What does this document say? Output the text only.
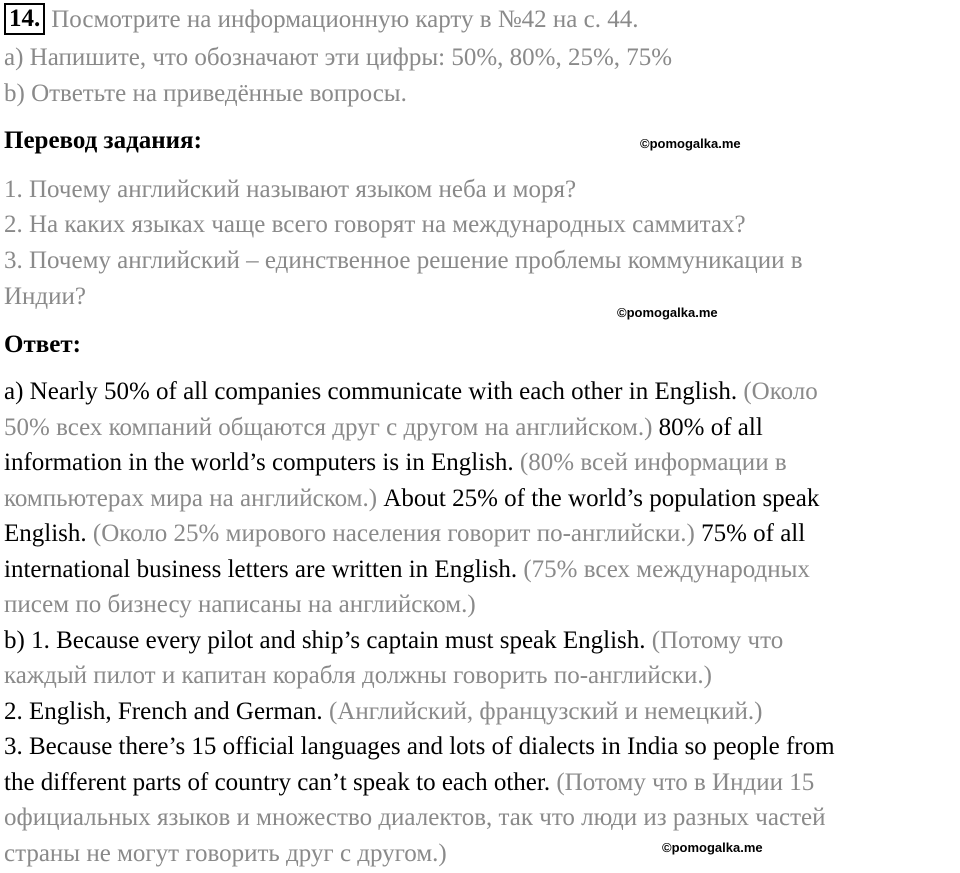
14. Посмотрите на информационную карту в №42 на с. 44.
a) Напишите, что обозначают эти цифры: 50%, 80%, 25%, 75%
b) Ответьте на приведённые вопросы.
Перевод задания:
1. Почему английский называют языком неба и моря?
2. На каких языках чаще всего говорят на международных саммитах?
3. Почему английский – единственное решение проблемы коммуникации в
Индии?
Ответ:
a) Nearly 50% of all companies communicate with each other in English. (Около
50% всех компаний общаются друг с другом на английском.) 80% of all
information in the world’s computers is in English. (80% всей информации в
компьютерах мира на английском.) About 25% of the world’s population speak
English. (Около 25% мирового населения говорит по-английски.) 75% of all
international business letters are written in English. (75% всех международных
писем по бизнесу написаны на английском.)
b) 1. Because every pilot and ship’s captain must speak English. (Потому что
каждый пилот и капитан корабля должны говорить по-английски.)
2. English, French and German. (Английский, французский и немецкий.)
3. Because there’s 15 official languages and lots of dialects in India so people from
the different parts of country can’t speak to each other. (Потому что в Индии 15
официальных языков и множество диалектов, так что люди из разных частей
страны не могут говорить друг с другом.)
©pomogalka.me
©pomogalka.me
©pomogalka.me
